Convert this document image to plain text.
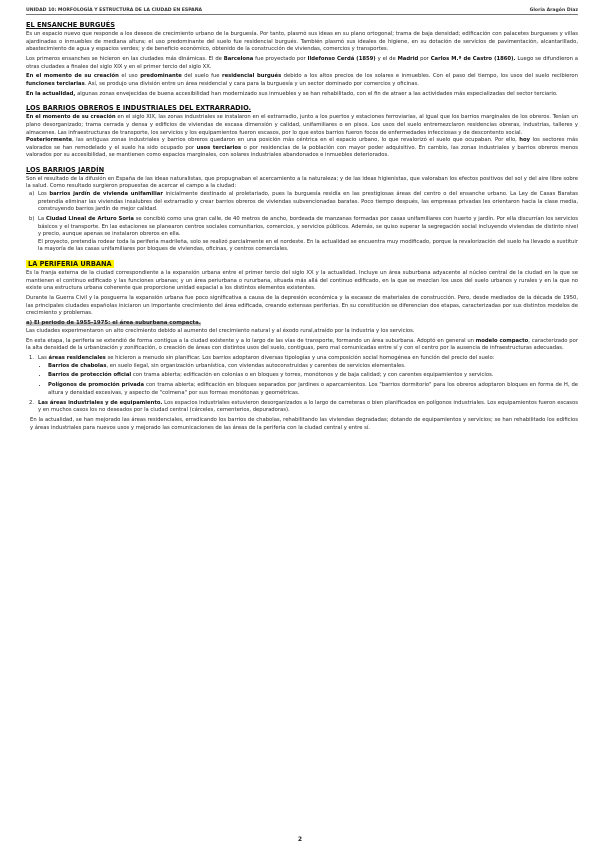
UNIDAD 10: MORFOLOGÍA Y ESTRUCTURA DE LA CIUDAD EN ESPAÑA	Gloria Aragón Díaz
EL ENSANCHE BURGUÉS

Es un espacio nuevo que responde a los deseos de crecimiento urbano de la burguesía. Por tanto, plasmó sus ideas en su plano ortogonal; trama de baja densidad; edificación con palacetes burgueses y villas ajardinadas o inmuebles de mediana altura; el uso predominante del suelo fue residencial burgués. También plasmó sus ideales de higiene, en su dotación de servicios de pavimentación, alcantarillado, abastecimiento de agua y espacios verdes; y de beneficio económico, obtenido de la construcción de viviendas, comercios y transportes.

Los primeros ensanches se hicieron en las ciudades más dinámicas. El de Barcelona fue proyectado por Ildefonso Cerdá (1859) y el de Madrid por Carlos M.ª de Castro (1860). Luego se difundieron a otras ciudades a finales del siglo XIX y en el primer tercio del siglo XX.

En el momento de su creación el uso predominante del suelo fue residencial burgués debido a los altos precios de los solares e inmuebles. Con el paso del tiempo, los usos del suelo recibieron funciones terciarias. Así, se produjo una división entre un área residencial y cara para la burguesía y un sector dominado por comercios y oficinas.

En la actualidad, algunas zonas envejecidas de buena accesibilidad han modernizado sus inmuebles y se han rehabilitado, con el fin de atraer a las actividades más especializadas del sector terciario.

LOS BARRIOS OBREROS E INDUSTRIALES DEL EXTRARRADIO.

En el momento de su creación en el siglo XIX, las zonas industriales se instalaron en el extrarradio, junto a los puertos y estaciones ferroviarias, al igual que los barrios marginales de los obreros. Tenían un plano desorganizado; trama cerrada y densa y edificios de viviendas de escasa dimensión y calidad, unifamiliares o en pisos. Los usos del suelo entremezclaron residencias obreras, industrias, talleres y almacenes. Las infraestructuras de transporte, los servicios y los equipamientos fueron escasos, por lo que estos barrios fueron focos de enfermedades infecciosas y de descontento social.

Posteriormente, las antiguas zonas industriales y barrios obreros quedaron en una posición más céntrica en el espacio urbano, lo que revalorizó el suelo que ocupaban. Por ello, hoy los sectores más valorados se han remodelado y el suelo ha sido ocupado por usos terciarios o por residencias de la población con mayor poder adquisitivo. En cambio, las zonas industriales y barrios obreros menos valorados por su accesibilidad, se mantienen como espacios marginales, con solares industriales abandonados e inmuebles deteriorados.

LOS BARRIOS JARDÍN

Son el resultado de la difusión en España de las ideas naturalistas, que propugnaban el acercamiento a la naturaleza; y de las ideas higienistas, que valoraban los efectos positivos del sol y del aire libre sobre la salud. Como resultado surgieron propuestas de acercar el campo a la ciudad:

a) Los barrios jardín de vivienda unifamiliar inicialmente destinado al proletariado, pues la burguesía residía en las prestigiosas áreas del centro o del ensanche urbano. La Ley de Casas Baratas pretendía eliminar las viviendas insalubres del extrarradio y crear barrios obreros de viviendas subvencionadas baratas. Poco tiempo después, las empresas privadas les orientaron hacia la clase media, construyendo barrios jardín de mejor calidad.

b) La Ciudad Lineal de Arturo Soria se concibió como una gran calle, de 40 metros de ancho, bordeada de manzanas formadas por casas unifamiliares con huerto y jardín. Por ella discurrían los servicios básicos y el transporte. En las estaciones se planearon centros sociales comunitarios, comercios, y servicios públicos. Además, se quiso superar la segregación social incluyendo viviendas de distinto nivel y precio, aunque apenas se instalaron obreros en ella.

El proyecto, pretendía rodear toda la periferia madrileña, solo se realizó parcialmente en el nordeste. En la actualidad se encuentra muy modificado, porque la revalorización del suelo ha llevado a sustituir la mayoría de las casas unifamiliares por bloques de viviendas, oficinas, y centros comerciales.

LA PERIFERIA URBANA

Es la franja externa de la ciudad correspondiente a la expansión urbana entre el primer tercio del siglo XX y la actualidad. Incluye un área suburbana adyacente al núcleo central de la ciudad en la que se mantienen el continuo edificado y las funciones urbanas; y un área periurbana o rururbana, situada más allá del continuo edificado, en la que se mezclan los usos del suelo urbanos y rurales y en la que no existe una estructura urbana coherente que proporcione unidad espacial a los distintos elementos existentes.

Durante la Guerra Civil y la posguerra la expansión urbana fue poco significativa a causa de la depresión económica y la escasez de materiales de construcción. Pero, desde mediados de la década de 1950, las principales ciudades españolas iniciaron un importante crecimiento del área edificada, creando extensas periferias. En su constitución se diferencian dos etapas, caracterizadas por sus distintos modelos de crecimiento y problemas.

a) El periodo de 1955-1975: el área suburbana compacta.

Las ciudades experimentaron un alto crecimiento debido al aumento del crecimiento natural y al éxodo rural,atraído por la industria y los servicios.

En esta etapa, la periferia se extendió de forma contigua a la ciudad existente y a lo largo de las vías de transporte, formando un área suburbana. Adoptó en general un modelo compacto, caracterizado por la alta densidad de la urbanización y zonificación, o creación de áreas con distintos usos del suelo, contiguas, pero mal comunicadas entre sí y con el centro por la ausencia de infraestructuras adecuadas.

1. Las áreas residenciales se hicieron a menudo sin planificar. Los barrios adoptaron diversas tipologías y una composición social homogénea en función del precio del suelo:

• Barrios de chabolas, en suelo ilegal, sin organización urbanística, con viviendas autoconstruidas y carentes de servicios elementales.
• Barrios de protección oficial con trama abierta; edificación en colonias o en bloques y torres, monótonos y de baja calidad; y con carentes equipamientos y servicios.
• Polígonos de promoción privada con trama abierta; edificación en bloques separados por jardines o aparcamientos. Los "barrios dormitorio" para los obreros adoptaron bloques en forma de H, de altura y densidad excesivas, y aspecto de "colmena" por sus formas monótonas y geométricas.

2. Las áreas industriales y de equipamiento. Los espacios industriales estuvieron desorganizados a lo largo de carreteras o bien planificados en polígonos industriales. Los equipamientos fueron escasos y en muchos casos los no deseados por la ciudad central (cárceles, cementerios, depuradoras).

En la actualidad, se han mejorado las áreas residenciales, erradicando los barrios de chabolas, rehabilitando las viviendas degradadas; dotando de equipamientos y servicios; se han rehabilitado los edificios y áreas industriales para nuevos usos y mejorado las comunicaciones de las áreas de la periferia con la ciudad central y entre sí.

2
